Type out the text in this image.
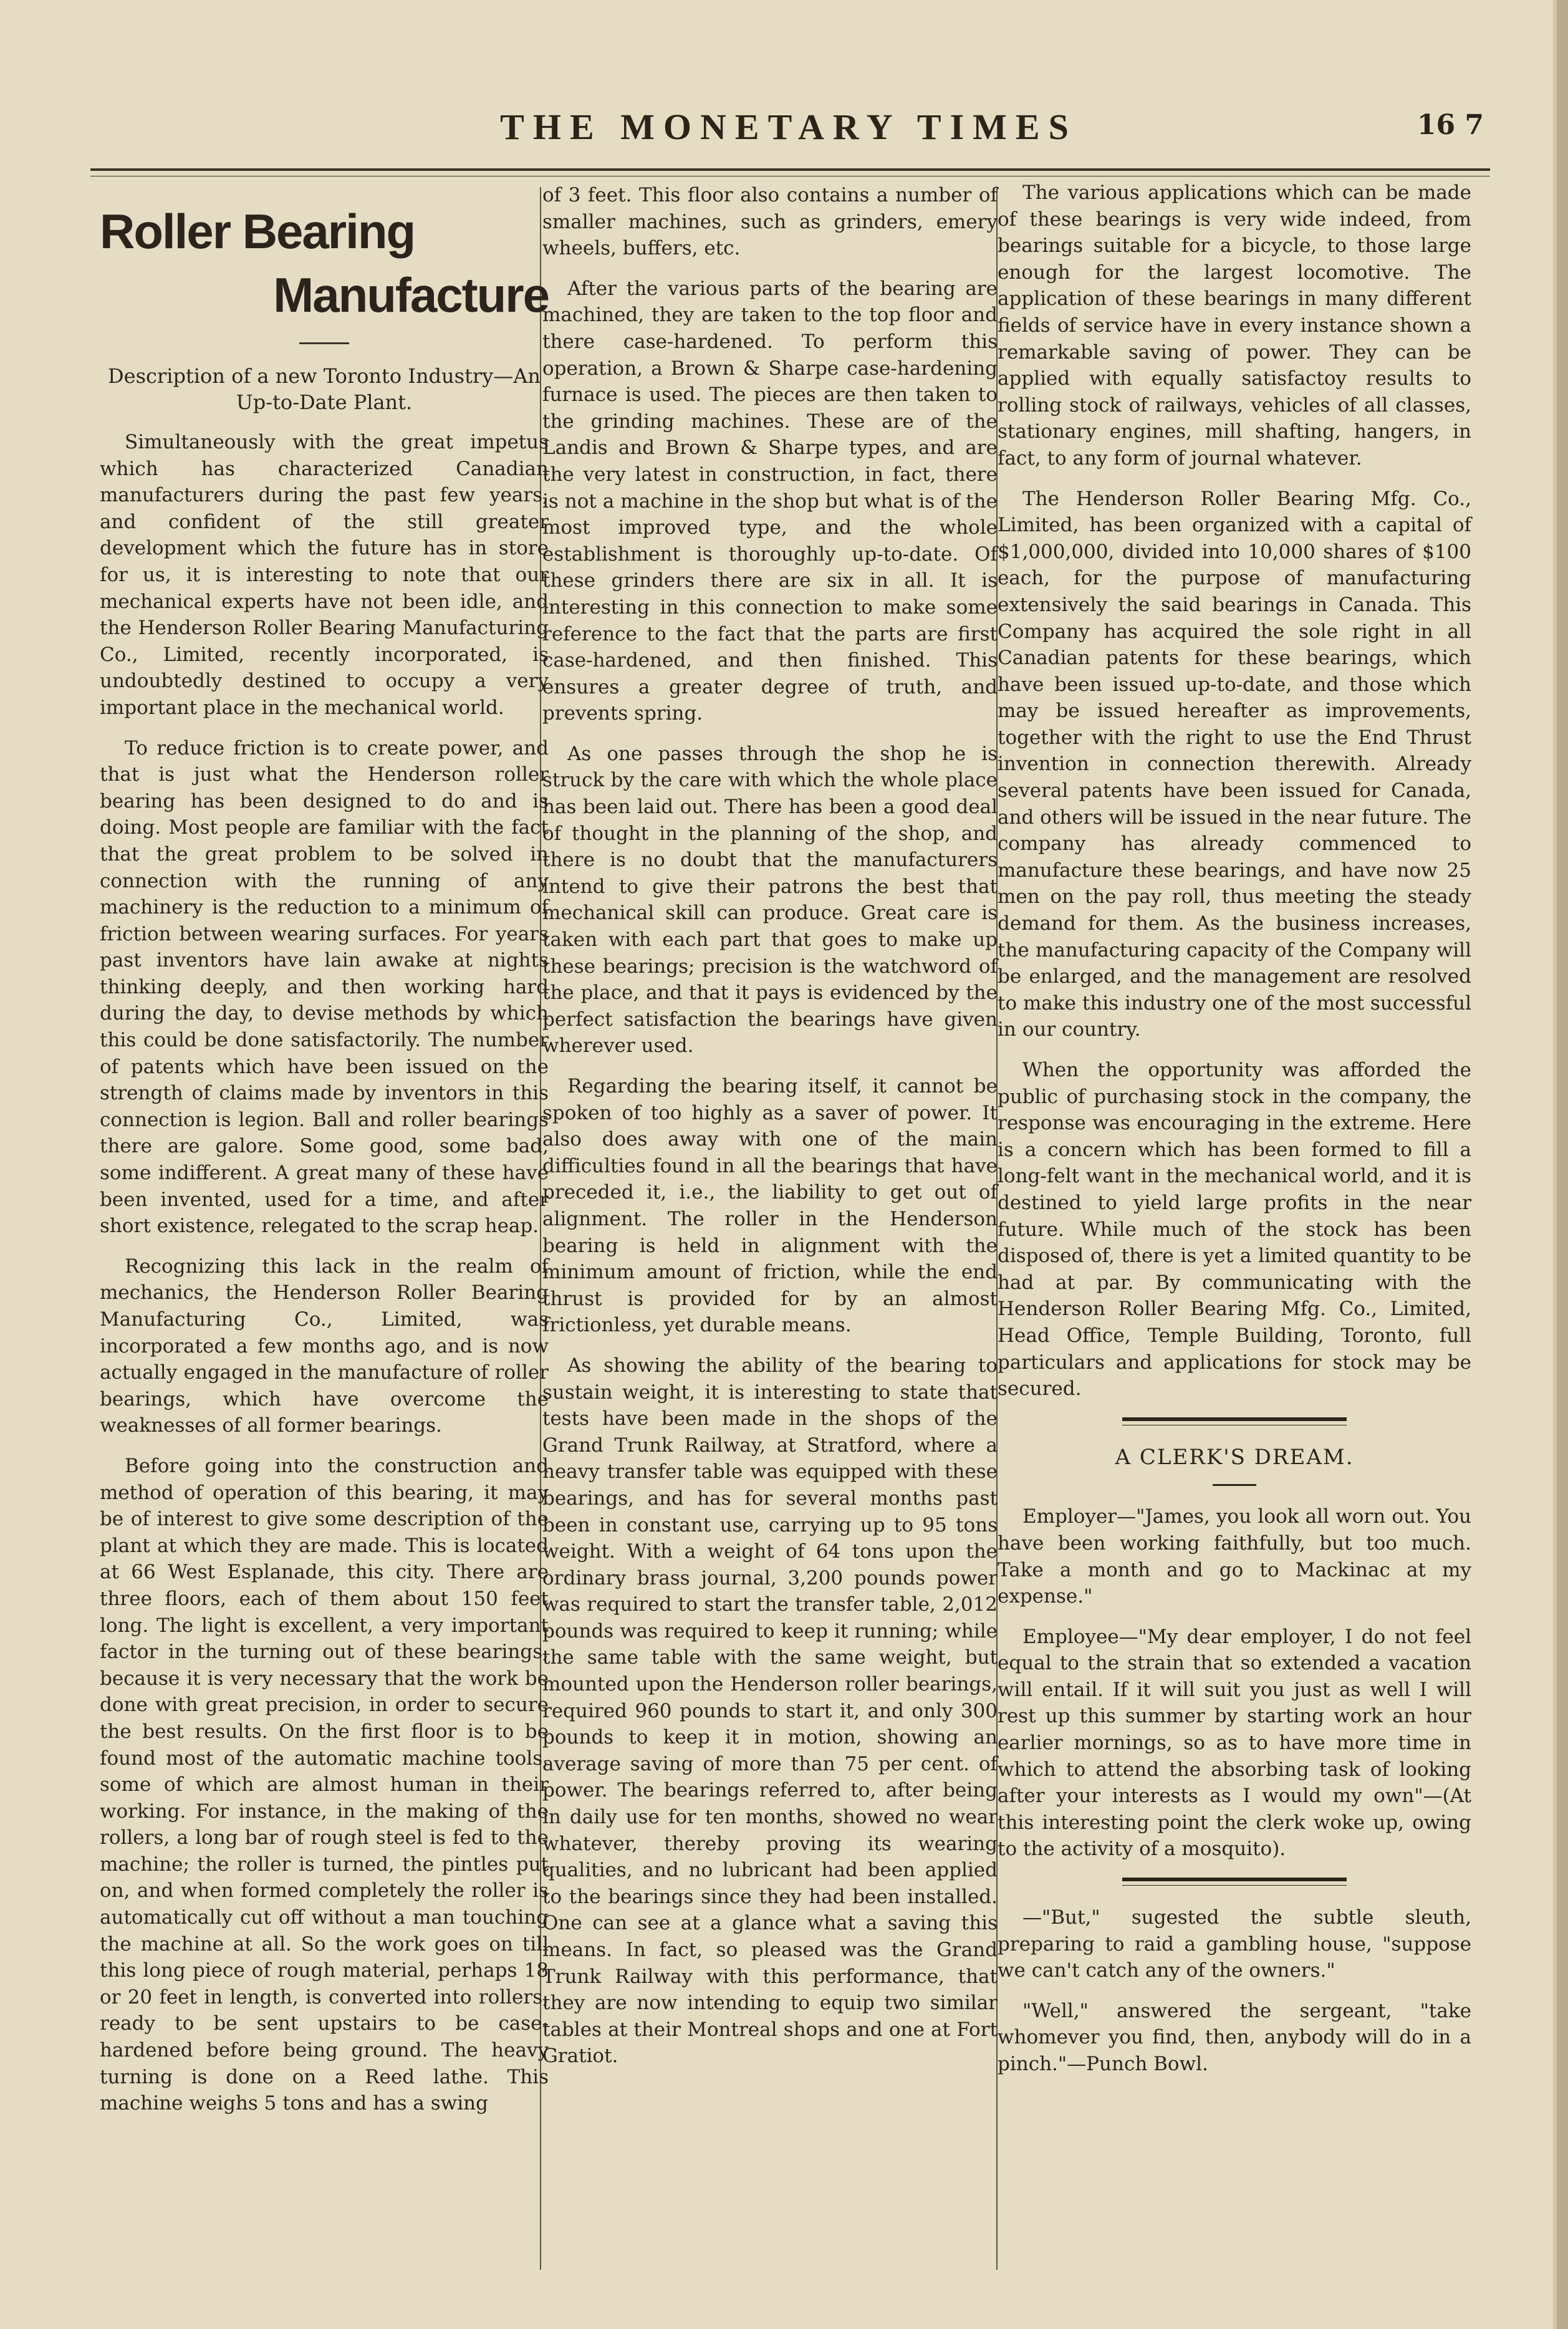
THE MONETARY TIMES	16 7
Roller Bearing
Manufacture

Description of a new Toronto Industry—An Up-to-Date Plant.

Simultaneously with the great impetus which has characterized Canadian manufacturers during the past few years, and confident of the still greater development which the future has in store for us, it is interesting to note that our mechanical experts have not been idle, and the Henderson Roller Bearing Manufacturing Co., Limited, recently incorporated, is undoubtedly destined to occupy a very important place in the mechanical world.

To reduce friction is to create power, and that is just what the Henderson roller bearing has been designed to do and is doing. Most people are familiar with the fact that the great problem to be solved in connection with the running of any machinery is the reduction to a minimum of friction between wearing surfaces. For years past inventors have lain awake at nights thinking deeply, and then working hard during the day, to devise methods by which this could be done satisfactorily. The number of patents which have been issued on the strength of claims made by inventors in this connection is legion. Ball and roller bearings there are galore. Some good, some bad, some indifferent. A great many of these have been invented, used for a time, and after short existence, relegated to the scrap heap.

Recognizing this lack in the realm of mechanics, the Henderson Roller Bearing Manufacturing Co., Limited, was incorporated a few months ago, and is now actually engaged in the manufacture of roller bearings, which have overcome the weaknesses of all former bearings.

Before going into the construction and method of operation of this bearing, it may be of interest to give some description of the plant at which they are made. This is located at 66 West Esplanade, this city. There are three floors, each of them about 150 feet long. The light is excellent, a very important factor in the turning out of these bearings, because it is very necessary that the work be done with great precision, in order to secure the best results. On the first floor is to be found most of the automatic machine tools, some of which are almost human in their working. For instance, in the making of the rollers, a long bar of rough steel is fed to the machine; the roller is turned, the pintles put on, and when formed completely the roller is automatically cut off without a man touching the machine at all. So the work goes on till this long piece of rough material, perhaps 18 or 20 feet in length, is converted into rollers, ready to be sent upstairs to be case-hardened before being ground. The heavy turning is done on a Reed lathe. This machine weighs 5 tons and has a swing

of 3 feet. This floor also contains a number of smaller machines, such as grinders, emery wheels, buffers, etc.

After the various parts of the bearing are machined, they are taken to the top floor and there case-hardened. To perform this operation, a Brown & Sharpe case-hardening furnace is used. The pieces are then taken to the grinding machines. These are of the Landis and Brown & Sharpe types, and are the very latest in construction, in fact, there is not a machine in the shop but what is of the most improved type, and the whole establishment is thoroughly up-to-date. Of these grinders there are six in all. It is interesting in this connection to make some reference to the fact that the parts are first case-hardened, and then finished. This ensures a greater degree of truth, and prevents spring.

As one passes through the shop he is struck by the care with which the whole place has been laid out. There has been a good deal of thought in the planning of the shop, and there is no doubt that the manufacturers intend to give their patrons the best that mechanical skill can produce. Great care is taken with each part that goes to make up these bearings; precision is the watchword of the place, and that it pays is evidenced by the perfect satisfaction the bearings have given wherever used.

Regarding the bearing itself, it cannot be spoken of too highly as a saver of power. It also does away with one of the main difficulties found in all the bearings that have preceded it, i.e., the liability to get out of alignment. The roller in the Henderson bearing is held in alignment with the minimum amount of friction, while the end thrust is provided for by an almost frictionless, yet durable means.

As showing the ability of the bearing to sustain weight, it is interesting to state that tests have been made in the shops of the Grand Trunk Railway, at Stratford, where a heavy transfer table was equipped with these bearings, and has for several months past been in constant use, carrying up to 95 tons weight. With a weight of 64 tons upon the ordinary brass journal, 3,200 pounds power was required to start the transfer table, 2,012 pounds was required to keep it running; while the same table with the same weight, but mounted upon the Henderson roller bearings, required 960 pounds to start it, and only 300 pounds to keep it in motion, showing an average saving of more than 75 per cent. of power. The bearings referred to, after being in daily use for ten months, showed no wear whatever, thereby proving its wearing qualities, and no lubricant had been applied to the bearings since they had been installed. One can see at a glance what a saving this means. In fact, so pleased was the Grand Trunk Railway with this performance, that they are now intending to equip two similar tables at their Montreal shops and one at Fort Gratiot.

The various applications which can be made of these bearings is very wide indeed, from bearings suitable for a bicycle, to those large enough for the largest locomotive. The application of these bearings in many different fields of service have in every instance shown a remarkable saving of power. They can be applied with equally satisfactoy results to rolling stock of railways, vehicles of all classes, stationary engines, mill shafting, hangers, in fact, to any form of journal whatever.

The Henderson Roller Bearing Mfg. Co., Limited, has been organized with a capital of $1,000,000, divided into 10,000 shares of $100 each, for the purpose of manufacturing extensively the said bearings in Canada. This Company has acquired the sole right in all Canadian patents for these bearings, which have been issued up-to-date, and those which may be issued hereafter as improvements, together with the right to use the End Thrust invention in connection therewith. Already several patents have been issued for Canada, and others will be issued in the near future. The company has already commenced to manufacture these bearings, and have now 25 men on the pay roll, thus meeting the steady demand for them. As the business increases, the manufacturing capacity of the Company will be enlarged, and the management are resolved to make this industry one of the most successful in our country.

When the opportunity was afforded the public of purchasing stock in the company, the response was encouraging in the extreme. Here is a concern which has been formed to fill a long-felt want in the mechanical world, and it is destined to yield large profits in the near future. While much of the stock has been disposed of, there is yet a limited quantity to be had at par. By communicating with the Henderson Roller Bearing Mfg. Co., Limited, Head Office, Temple Building, Toronto, full particulars and applications for stock may be secured.

A CLERK'S DREAM.

Employer—"James, you look all worn out. You have been working faithfully, but too much. Take a month and go to Mackinac at my expense."

Employee—"My dear employer, I do not feel equal to the strain that so extended a vacation will entail. If it will suit you just as well I will rest up this summer by starting work an hour earlier mornings, so as to have more time in which to attend the absorbing task of looking after your interests as I would my own"—(At this interesting point the clerk woke up, owing to the activity of a mosquito).

—"But," sugested the subtle sleuth, preparing to raid a gambling house, "suppose we can't catch any of the owners."

"Well," answered the sergeant, "take whomever you find, then, anybody will do in a pinch."—Punch Bowl.
